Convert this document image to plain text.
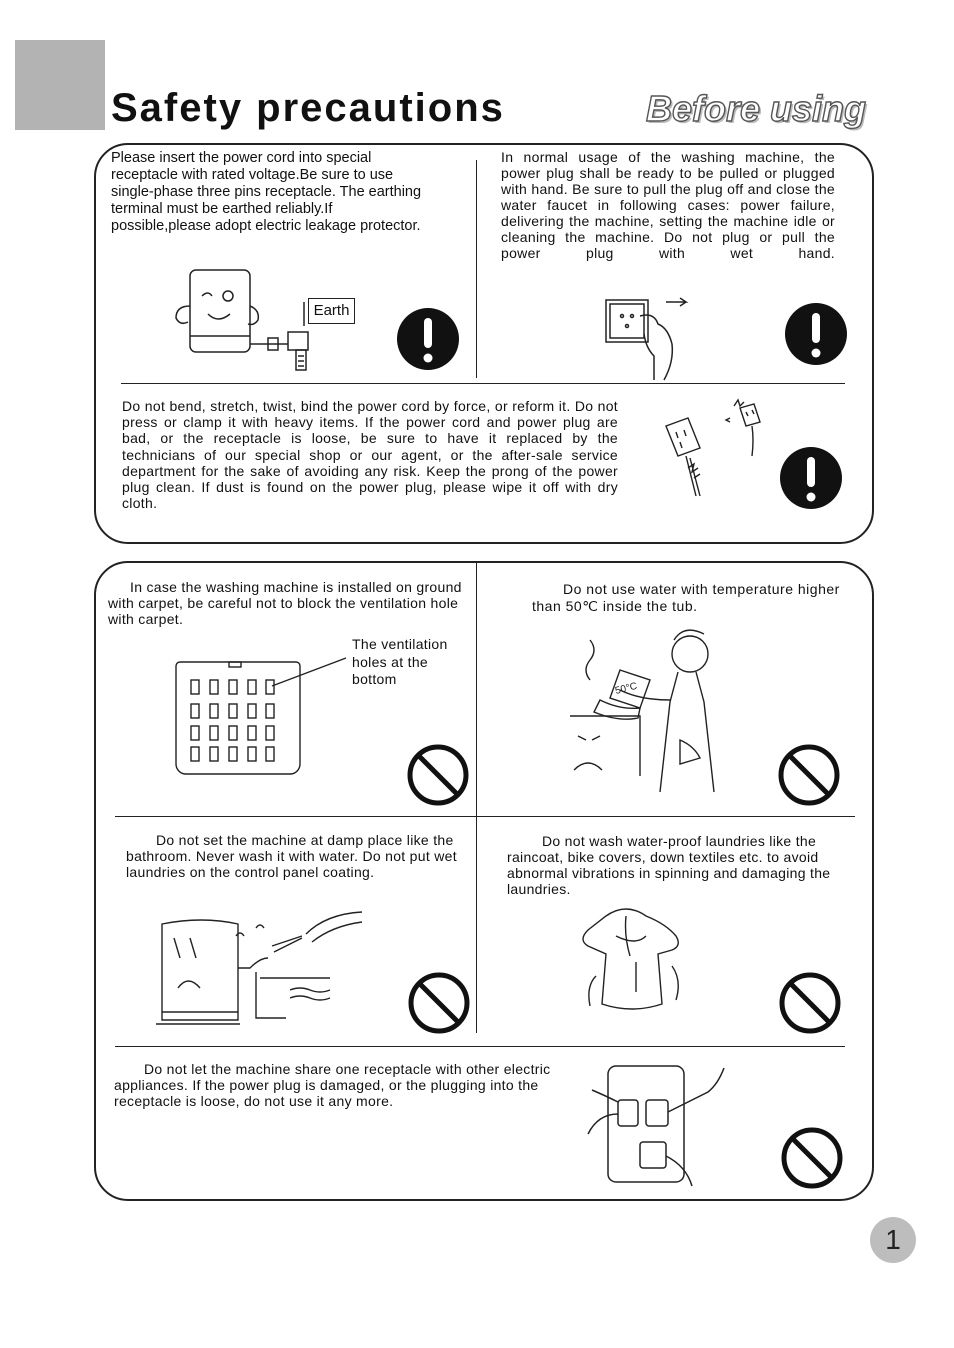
Safety precautions	Before using
Please insert the power cord into special receptacle with rated voltage.Be sure to use single-phase three pins receptacle. The earthing terminal must be earthed reliably.If possible,please adopt electric leakage protector.
Earth
In normal usage of the washing machine, the power plug shall be ready to be pulled or plugged with hand. Be sure to pull the plug off and close the water faucet in following cases: power failure, delivering the machine, setting the machine idle or cleaning the machine. Do not plug or pull the power plug with wet hand.
Do not bend, stretch, twist, bind the power cord by force, or reform it. Do not press or clamp it with heavy items. If the power cord and power plug are bad, or the receptacle is loose, be sure to have it replaced by the technicians of our special shop or our agent, or the after-sale service department for the sake of avoiding any risk. Keep the prong of the power plug clean. If dust is found on the power plug, please wipe it off with dry cloth.
In case the washing machine is installed on ground with carpet, be careful not to block the ventilation hole with carpet.
The ventilation holes at the bottom
Do not use water with temperature higher than 50℃ inside the tub.
50°C
Do not set the machine at damp place like the bathroom. Never wash it with water. Do not put wet laundries on the control panel coating.
Do not wash water-proof laundries like the raincoat, bike covers, down textiles etc. to avoid abnormal vibrations in spinning and damaging the laundries.
Do not let the machine share one receptacle with other electric appliances. If the power plug is damaged, or the plugging into the receptacle is loose, do not use it any more.
1
